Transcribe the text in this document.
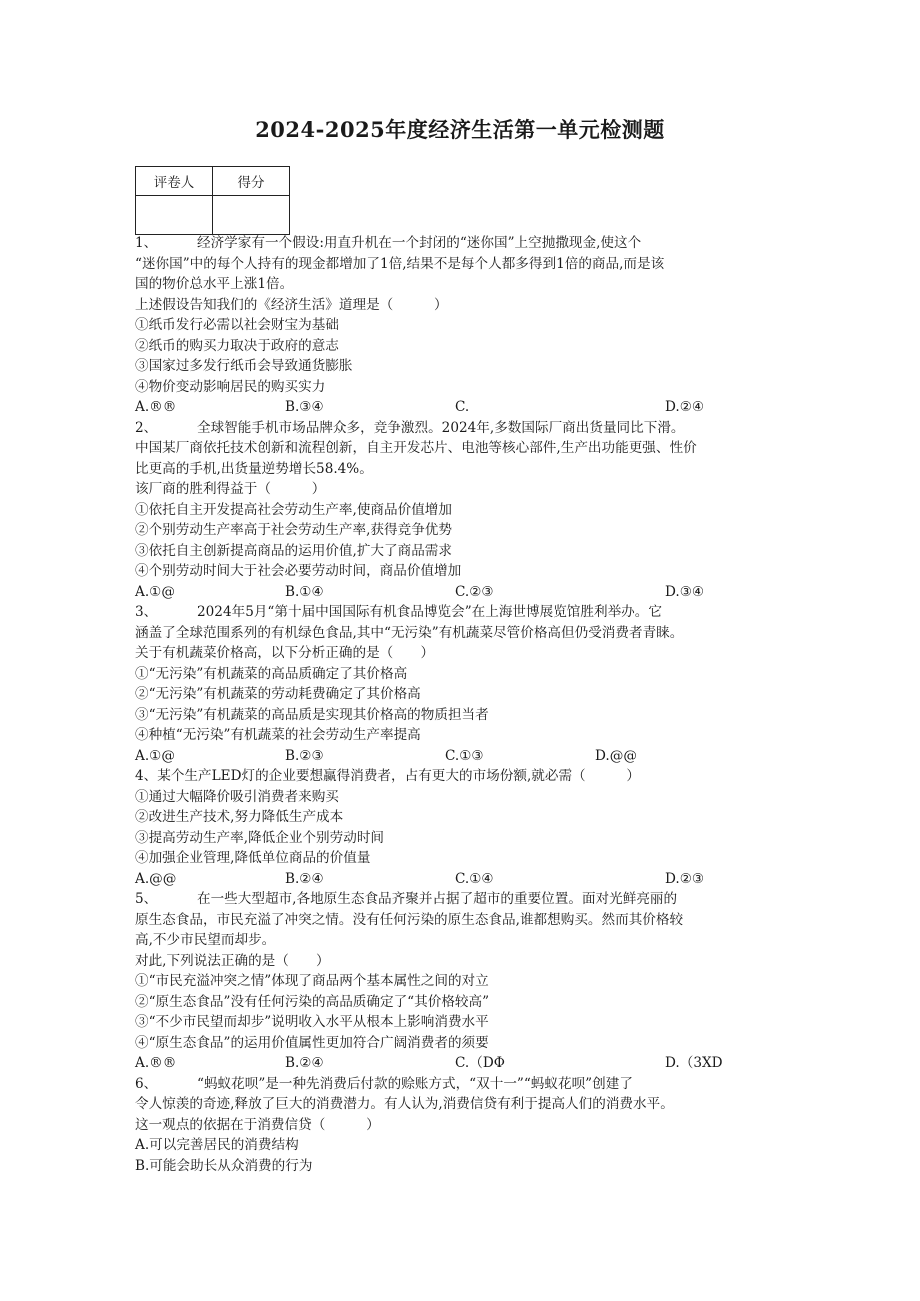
2024-2025年度经济生活第一单元检测题
评卷人	得分

1、	经济学家有一个假设:用直升机在一个封闭的“迷你国”上空抛撒现金,使这个
“迷你国”中的每个人持有的现金都增加了1倍,结果不是每个人都多得到1倍的商品,而是该
国的物价总水平上涨1倍。
上述假设告知我们的《经济生活》道理是（　　　）
①纸币发行必需以社会财宝为基础
②纸币的购买力取决于政府的意志
③国家过多发行纸币会导致通货膨胀
④物价变动影响居民的购买实力
A.®®	B.③④	C.	D.②④
2、	全球智能手机市场品牌众多，竞争激烈。2024年,多数国际厂商出货量同比下滑。
中国某厂商依托技术创新和流程创新，自主开发芯片、电池等核心部件,生产出功能更强、性价
比更高的手机,出货量逆势增长58.4%。
该厂商的胜利得益于（　　　）
①依托自主开发提高社会劳动生产率,使商品价值增加
②个别劳动生产率高于社会劳动生产率,获得竞争优势
③依托自主创新提高商品的运用价值,扩大了商品需求
④个别劳动时间大于社会必要劳动时间，商品价值增加
A.①@	B.①④	C.②③	D.③④
3、	2024年5月“第十届中国国际有机食品博览会”在上海世博展览馆胜利举办。它
涵盖了全球范围系列的有机绿色食品,其中“无污染”有机蔬菜尽管价格高但仍受消费者青睐。
关于有机蔬菜价格高，以下分析正确的是（　　）
①“无污染”有机蔬菜的高品质确定了其价格高
②“无污染”有机蔬菜的劳动耗费确定了其价格高
③“无污染”有机蔬菜的高品质是实现其价格高的物质担当者
④种植“无污染”有机蔬菜的社会劳动生产率提高
A.①@	B.②③	C.①③	D.@@
4、某个生产LED灯的企业要想赢得消费者，占有更大的市场份额,就必需（　　　）
①通过大幅降价吸引消费者来购买
②改进生产技术,努力降低生产成本
③提高劳动生产率,降低企业个别劳动时间
④加强企业管理,降低单位商品的价值量
A.@@	B.②④	C.①④	D.②③
5、	在一些大型超市,各地原生态食品齐聚并占据了超市的重要位置。面对光鲜亮丽的
原生态食品，市民充溢了冲突之情。没有任何污染的原生态食品,谁都想购买。然而其价格较
高,不少市民望而却步。
对此,下列说法正确的是（　　）
①“市民充溢冲突之情”体现了商品两个基本属性之间的对立
②“原生态食品”没有任何污染的高品质确定了“其价格较高”
③“不少市民望而却步”说明收入水平从根本上影响消费水平
④“原生态食品”的运用价值属性更加符合广阔消费者的须要
A.®®	B.②④	C.（DΦ	D.（3XD
6、	“蚂蚁花呗”是一种先消费后付款的赊账方式，“双十一”“蚂蚁花呗”创建了
令人惊羡的奇迹,释放了巨大的消费潜力。有人认为,消费信贷有利于提高人们的消费水平。
这一观点的依据在于消费信贷（　　　）
A.可以完善居民的消费结构
B.可能会助长从众消费的行为
